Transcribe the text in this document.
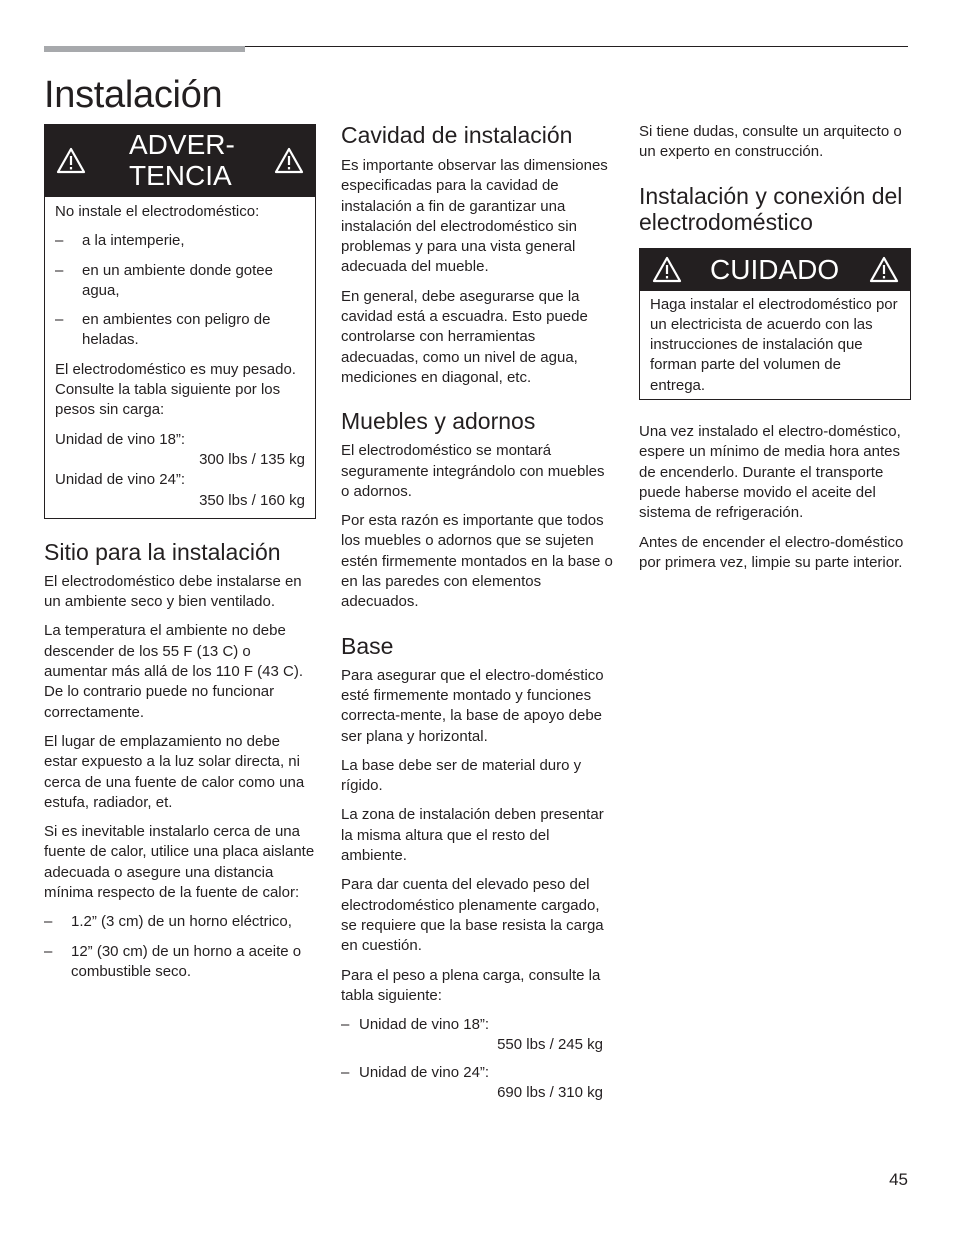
Instalación
ADVER-
TENCIA

No instale el electrodoméstico:

– a la intemperie,
– en un ambiente donde gotee agua,
– en ambientes con peligro de heladas.

El electrodoméstico es muy pesado. Consulte la tabla siguiente por los pesos sin carga:

Unidad de vino 18”:

300 lbs / 135 kg

Unidad de vino 24”:

350 lbs / 160 kg
Sitio para la instalación

El electrodoméstico debe instalarse en un ambiente seco y bien ventilado.

La temperatura el ambiente no debe descender de los 55 F (13 C) o aumentar más allá de los 110 F (43 C). De lo contrario puede no funcionar correctamente.

El lugar de emplazamiento no debe estar expuesto a la luz solar directa, ni cerca de una fuente de calor como una estufa, radiador, et.

Si es inevitable instalarlo cerca de una fuente de calor, utilice una placa aislante adecuada o asegure una distancia mínima respecto de la fuente de calor:

– 1.2” (3 cm) de un horno eléctrico,
– 12” (30 cm) de un horno a aceite o combustible seco.
Cavidad de instalación

Es importante observar las dimensiones especificadas para la cavidad de instalación a fin de garantizar una instalación del electrodoméstico sin problemas y para una vista general adecuada del mueble.

En general, debe asegurarse que la cavidad está a escuadra. Esto puede controlarse con herramientas adecuadas, como un nivel de agua, mediciones en diagonal, etc.

Muebles y adornos

El electrodoméstico se montará seguramente integrándolo con muebles o adornos.

Por esta razón es importante que todos los muebles o adornos que se sujeten estén firmemente montados en la base o en las paredes con elementos adecuados.

Base

Para asegurar que el electro-doméstico esté firmemente montado y funciones correcta-mente, la base de apoyo debe ser plana y horizontal.

La base debe ser de material duro y rígido.

La zona de instalación deben presentar la misma altura que el resto del ambiente.

Para dar cuenta del elevado peso del electrodoméstico plenamente cargado, se requiere que la base resista la carga en cuestión.

Para el peso a plena carga, consulte la tabla siguiente:

– Unidad de vino 18”:
550 lbs / 245 kg
– Unidad de vino 24”:
690 lbs / 310 kg

Si tiene dudas, consulte un arquitecto o un experto en construcción.

Instalación y conexión del electrodoméstico
CUIDADO

Haga instalar el electrodoméstico por un electricista de acuerdo con las instrucciones de instalación que forman parte del volumen de entrega.

Una vez instalado el electro-doméstico, espere un mínimo de media hora antes de encenderlo. Durante el transporte puede haberse movido el aceite del sistema de refrigeración.

Antes de encender el electro-doméstico por primera vez, limpie su parte interior.

45
